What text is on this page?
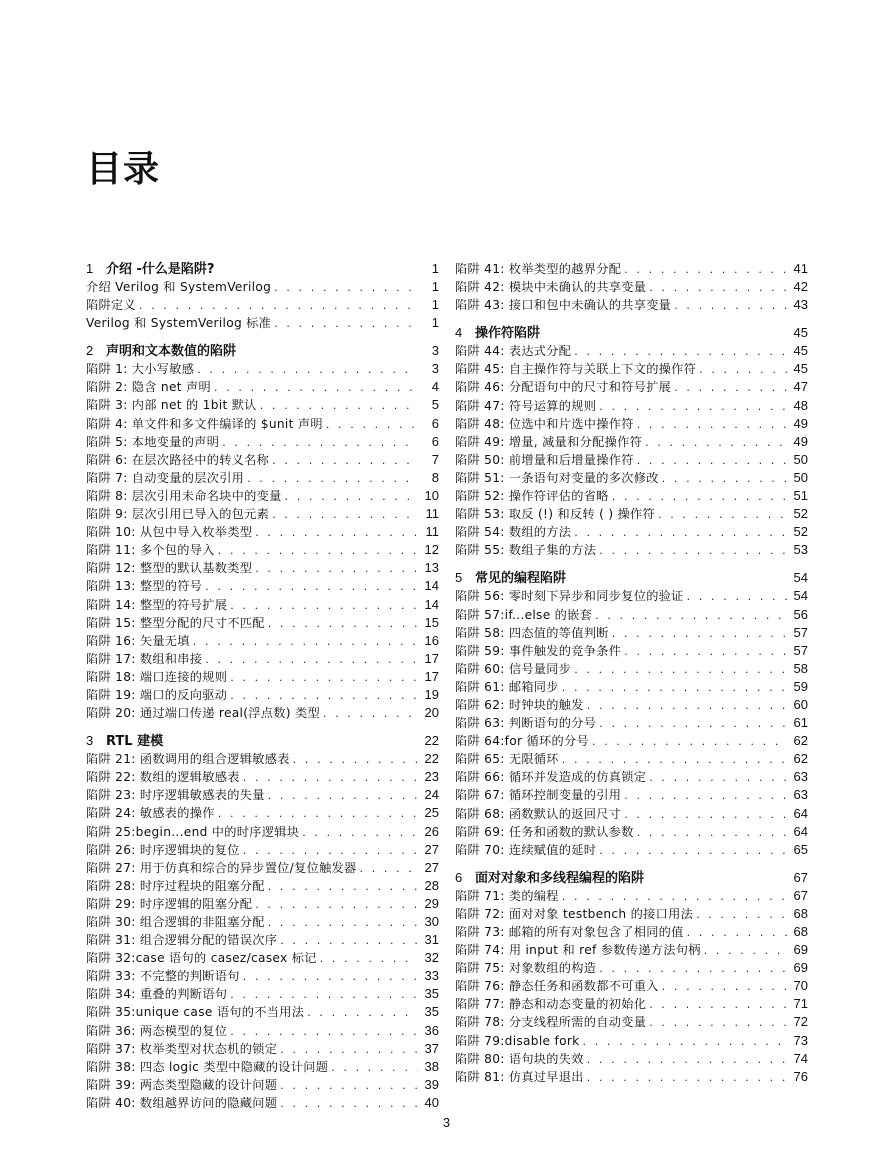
目录
1 介绍 -什么是陷阱?	1
介绍 Verilog 和 SystemVerilog . . .	1
陷阱定义 . . .	1
Verilog 和 SystemVerilog 标准 . . .	1
2 声明和文本数值的陷阱	3
陷阱 1: 大小写敏感 . . .	3
陷阱 2: 隐含 net 声明 . . .	4
陷阱 3: 内部 net 的 1bit 默认 . . .	5
陷阱 4: 单文件和多文件编译的 $unit 声明 . . .	6
陷阱 5: 本地变量的声明 . . .	6
陷阱 6: 在层次路径中的转义名称 . . .	7
陷阱 7: 自动变量的层次引用 . . .	8
陷阱 8: 层次引用未命名块中的变量 . . .	10
陷阱 9: 层次引用已导入的包元素 . . .	11
陷阱 10: 从包中导入枚举类型 . . .	11
陷阱 11: 多个包的导入 . . .	12
陷阱 12: 整型的默认基数类型 . . .	13
陷阱 13: 整型的符号 . . .	14
陷阱 14: 整型的符号扩展 . . .	14
陷阱 15: 整型分配的尺寸不匹配 . . .	15
陷阱 16: 矢量无填 . . .	16
陷阱 17: 数组和串接 . . .	17
陷阱 18: 端口连接的规则 . . .	17
陷阱 19: 端口的反向驱动 . . .	19
陷阱 20: 通过端口传递 real(浮点数) 类型 . . .	20
3 RTL 建模	22
陷阱 21: 函数调用的组合逻辑敏感表 . . .	22
陷阱 22: 数组的逻辑敏感表 . . .	23
陷阱 23: 时序逻辑敏感表的失量 . . .	24
陷阱 24: 敏感表的操作 . . .	25
陷阱 25:begin...end 中的时序逻辑块 . . .	26
陷阱 26: 时序逻辑块的复位 . . .	27
陷阱 27: 用于仿真和综合的异步置位/复位触发器 . . .	27
陷阱 28: 时序过程块的阻塞分配 . . .	28
陷阱 29: 时序逻辑的阻塞分配 . . .	29
陷阱 30: 组合逻辑的非阻塞分配 . . .	30
陷阱 31: 组合逻辑分配的错误次序 . . .	31
陷阱 32:case 语句的 casez/casex 标记 . . .	32
陷阱 33: 不完整的判断语句 . . .	33
陷阱 34: 重叠的判断语句 . . .	35
陷阱 35:unique case 语句的不当用法 . . .	35
陷阱 36: 两态模型的复位 . . .	36
陷阱 37: 枚举类型对状态机的锁定 . . .	37
陷阱 38: 四态 logic 类型中隐藏的设计问题 . . .	38
陷阱 39: 两态类型隐藏的设计问题 . . .	39
陷阱 40: 数组越界访问的隐藏问题 . . .	40
陷阱 41: 枚举类型的越界分配 . . .	41
陷阱 42: 模块中未确认的共享变量 . . .	42
陷阱 43: 接口和包中未确认的共享变量 . . .	43
4 操作符陷阱	45
陷阱 44: 表达式分配 . . .	45
陷阱 45: 自主操作符与关联上下文的操作符 . . .	45
陷阱 46: 分配语句中的尺寸和符号扩展 . . .	47
陷阱 47: 符号运算的规则 . . .	48
陷阱 48: 位选中和片选中操作符 . . .	49
陷阱 49: 增量, 减量和分配操作符 . . .	49
陷阱 50: 前增量和后增量操作符 . . .	50
陷阱 51: 一条语句对变量的多次修改 . . .	50
陷阱 52: 操作符评估的省略 . . .	51
陷阱 53: 取反 (!) 和反转 ( ) 操作符 . . .	52
陷阱 54: 数组的方法 . . .	52
陷阱 55: 数组子集的方法 . . .	53
5 常见的编程陷阱	54
陷阱 56: 零时刻下异步和同步复位的验证 . . .	54
陷阱 57:if...else 的嵌套 . . .	56
陷阱 58: 四态值的等值判断 . . .	57
陷阱 59: 事件触发的竞争条件 . . .	57
陷阱 60: 信号量同步 . . .	58
陷阱 61: 邮箱同步 . . .	59
陷阱 62: 时钟块的触发 . . .	60
陷阱 63: 判断语句的分号 . . .	61
陷阱 64:for 循环的分号 . . .	62
陷阱 65: 无限循环 . . .	62
陷阱 66: 循环并发造成的仿真锁定 . . .	63
陷阱 67: 循环控制变量的引用 . . .	63
陷阱 68: 函数默认的返回尺寸 . . .	64
陷阱 69: 任务和函数的默认参数 . . .	64
陷阱 70: 连续赋值的延时 . . .	65
6 面对对象和多线程编程的陷阱	67
陷阱 71: 类的编程 . . .	67
陷阱 72: 面对对象 testbench 的接口用法 . . .	68
陷阱 73: 邮箱的所有对象包含了相同的值 . . .	68
陷阱 74: 用 input 和 ref 参数传递方法句柄 . . .	69
陷阱 75: 对象数组的构造 . . .	69
陷阱 76: 静态任务和函数都不可重入 . . .	70
陷阱 77: 静态和动态变量的初始化 . . .	71
陷阱 78: 分支线程所需的自动变量 . . .	72
陷阱 79:disable fork . . .	73
陷阱 80: 语句块的失效 . . .	74
陷阱 81: 仿真过早退出 . . .	76
3
